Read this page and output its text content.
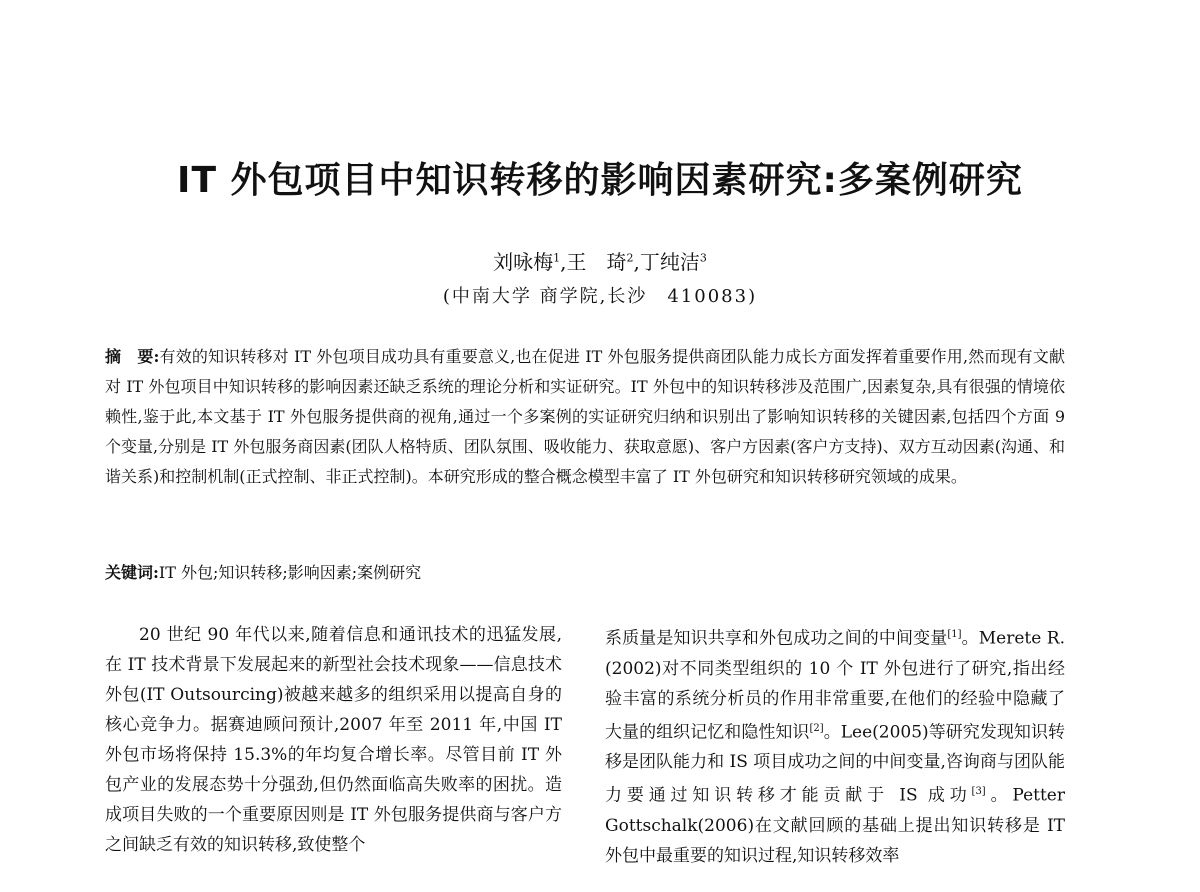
IT 外包项目中知识转移的影响因素研究:多案例研究

刘咏梅$^1$,王　琦$^2$,丁纯洁$^3$

(中南大学 商学院,长沙　410083)

摘　要:有效的知识转移对 IT 外包项目成功具有重要意义,也在促进 IT 外包服务提供商团队能力成长方面发挥着重要作用,然而现有文献对 IT 外包项目中知识转移的影响因素还缺乏系统的理论分析和实证研究。IT 外包中的知识转移涉及范围广,因素复杂,具有很强的情境依赖性,鉴于此,本文基于 IT 外包服务提供商的视角,通过一个多案例的实证研究归纳和识别出了影响知识转移的关键因素,包括四个方面 9 个变量,分别是 IT 外包服务商因素(团队人格特质、团队氛围、吸收能力、获取意愿)、客户方因素(客户方支持)、双方互动因素(沟通、和谐关系)和控制机制(正式控制、非正式控制)。本研究形成的整合概念模型丰富了 IT 外包研究和知识转移研究领域的成果。

关键词:IT 外包;知识转移;影响因素;案例研究

20 世纪 90 年代以来,随着信息和通讯技术的迅猛发展,在 IT 技术背景下发展起来的新型社会技术现象——信息技术外包(IT Outsourcing)被越来越多的组织采用以提高自身的核心竞争力。据赛迪顾问预计,2007 年至 2011 年,中国 IT 外包市场将保持 15.3%的年均复合增长率。尽管目前 IT 外包产业的发展态势十分强劲,但仍然面临高失败率的困扰。造成项目失败的一个重要原因则是 IT 外包服务提供商与客户方之间缺乏有效的知识转移,致使整个

系质量是知识共享和外包成功之间的中间变量[1]。Merete R.(2002)对不同类型组织的 10 个 IT 外包进行了研究,指出经验丰富的系统分析员的作用非常重要,在他们的经验中隐藏了大量的组织记忆和隐性知识[2]。Lee(2005)等研究发现知识转移是团队能力和 IS 项目成功之间的中间变量,咨询商与团队能力要通过知识转移才能贡献于 IS 成功[3]。Petter Gottschalk(2006)在文献回顾的基础上提出知识转移是 IT 外包中最重要的知识过程,知识转移效率
